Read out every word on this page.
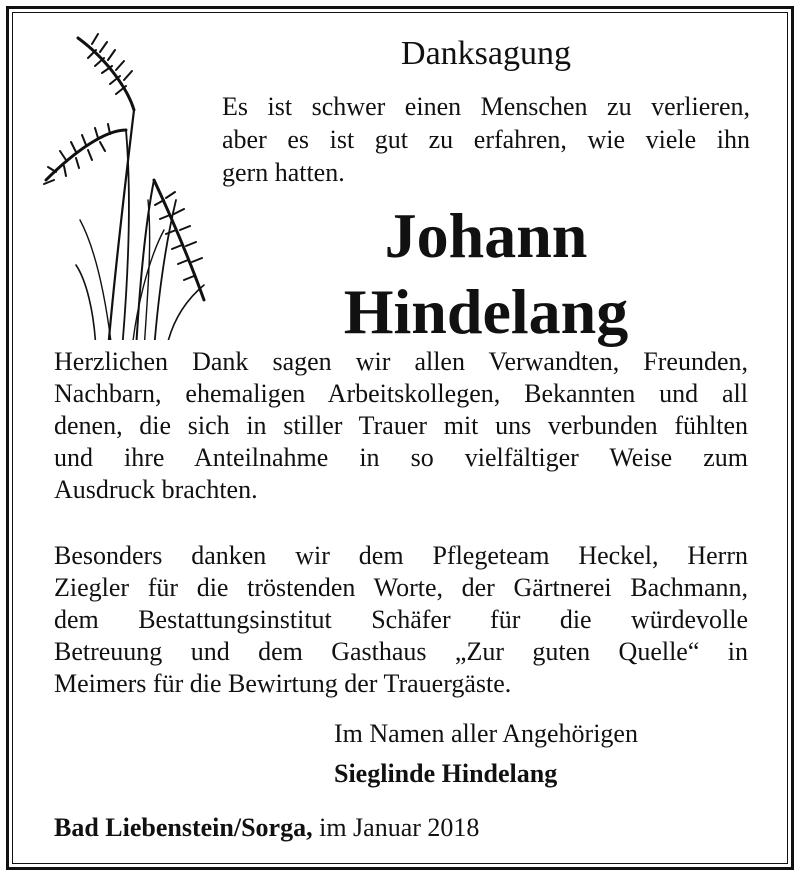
Danksagung
Es ist schwer einen Menschen zu verlieren,
aber es ist gut zu erfahren, wie viele ihn
gern hatten.
Johann
Hindelang
Herzlichen Dank sagen wir allen Verwandten, Freunden,
Nachbarn, ehemaligen Arbeitskollegen, Bekannten und all
denen, die sich in stiller Trauer mit uns verbunden fühlten
und ihre Anteilnahme in so vielfältiger Weise zum
Ausdruck brachten.
Besonders danken wir dem Pflegeteam Heckel, Herrn
Ziegler für die tröstenden Worte, der Gärtnerei Bachmann,
dem Bestattungsinstitut Schäfer für die würdevolle
Betreuung und dem Gasthaus „Zur guten Quelle“ in
Meimers für die Bewirtung der Trauergäste.
Im Namen aller Angehörigen
Sieglinde Hindelang
Bad Liebenstein/Sorga, im Januar 2018
